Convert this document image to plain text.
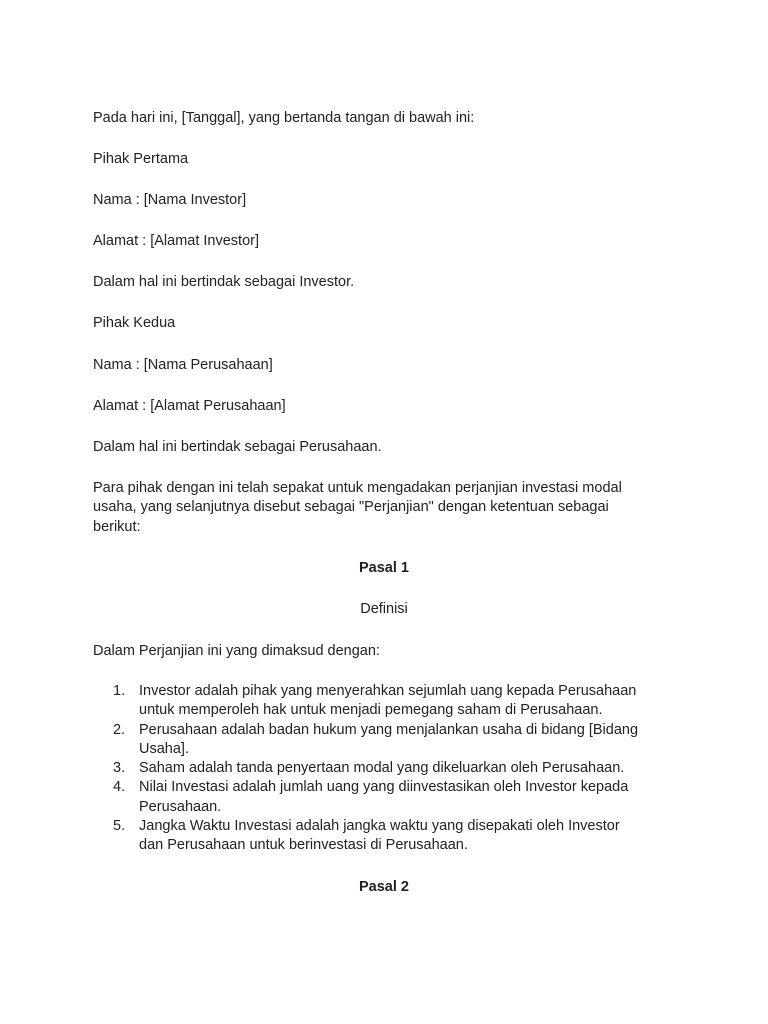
Pada hari ini, [Tanggal], yang bertanda tangan di bawah ini:

Pihak Pertama

Nama : [Nama Investor]

Alamat : [Alamat Investor]

Dalam hal ini bertindak sebagai Investor.

Pihak Kedua

Nama : [Nama Perusahaan]

Alamat : [Alamat Perusahaan]

Dalam hal ini bertindak sebagai Perusahaan.

Para pihak dengan ini telah sepakat untuk mengadakan perjanjian investasi modal

usaha, yang selanjutnya disebut sebagai "Perjanjian" dengan ketentuan sebagai

berikut:

Pasal 1

Definisi

Dalam Perjanjian ini yang dimaksud dengan:

1. Investor adalah pihak yang menyerahkan sejumlah uang kepada Perusahaan
untuk memperoleh hak untuk menjadi pemegang saham di Perusahaan.
2. Perusahaan adalah badan hukum yang menjalankan usaha di bidang [Bidang
Usaha].
3. Saham adalah tanda penyertaan modal yang dikeluarkan oleh Perusahaan.
4. Nilai Investasi adalah jumlah uang yang diinvestasikan oleh Investor kepada
Perusahaan.
5. Jangka Waktu Investasi adalah jangka waktu yang disepakati oleh Investor
dan Perusahaan untuk berinvestasi di Perusahaan.

Pasal 2
